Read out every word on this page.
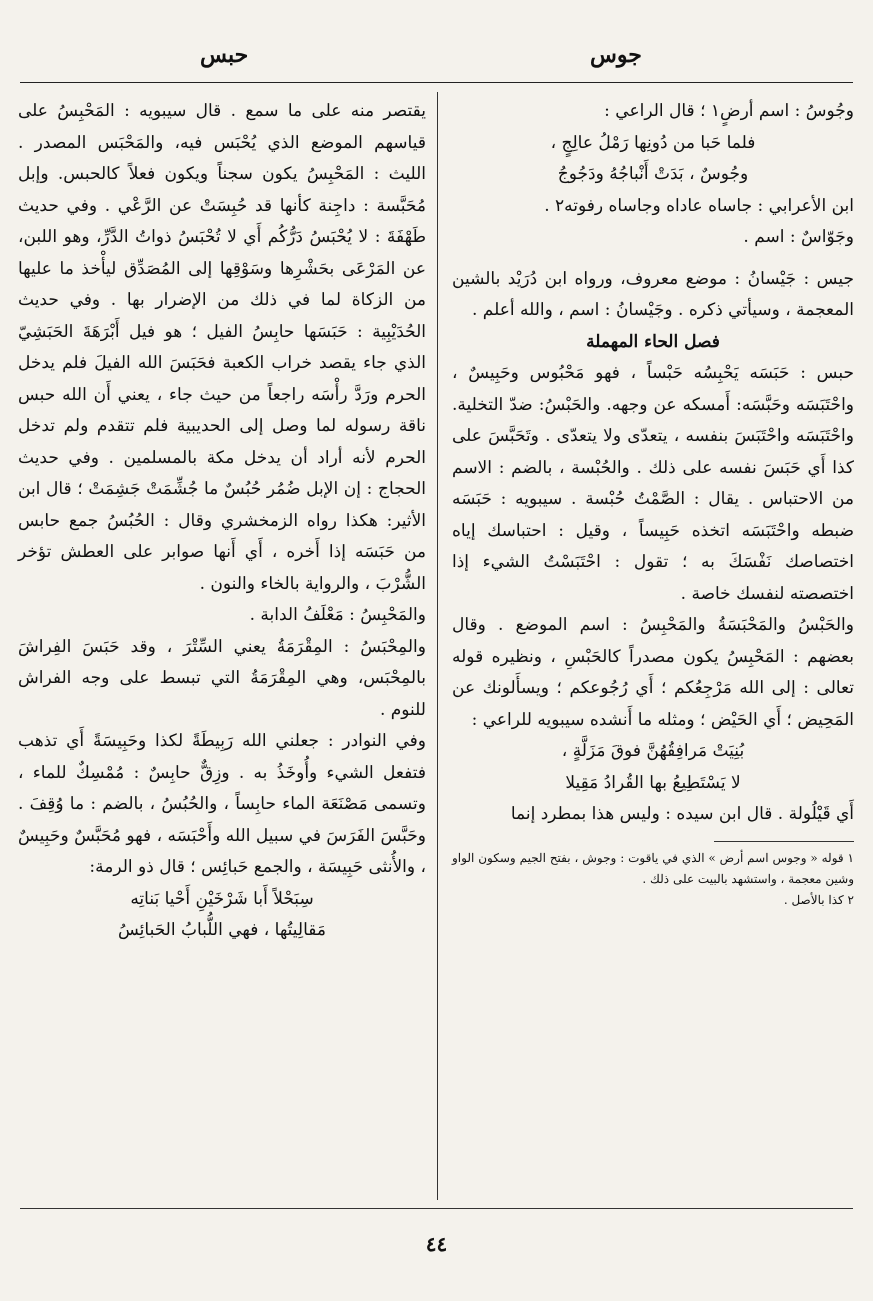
جوس
حبس

وجُوسُ : اسم أرضٍ١ ؛ قال الراعي :

فلما حَبا من دُونِها رَمْلُ عالِجٍ ،

وجُوسٌ ، بَدَتْ أَنْباجُهُ ودَجُوجُ

ابن الأعرابي : جاساه عاداه وجاساه رفوته٢ .

وجَوّاسٌ : اسم .

جيس : جَيْسانُ : موضع معروف، ورواه ابن دُرَيْد بالشين المعجمة ، وسيأتي ذكره . وجَيْسانُ : اسم ، والله أعلم .

فصل الحاء المهملة

حبس : حَبَسَه يَحْبِسُه حَبْساً ، فهو مَحْبُوس وحَبِيسٌ ، واحْتَبَسَه وحَبَّسَه: أَمسكه عن وجهه. والحَبْسُ: ضدّ التخلية. واحْتَبَسَه واحْتَبَسَ بنفسه ، يتعدّى ولا يتعدّى . وتَحَبَّسَ على كذا أَي حَبَسَ نفسه على ذلك . والحُبْسة ، بالضم : الاسم من الاحتباس . يقال : الصَّمْتُ حُبْسة . سيبويه : حَبَسَه ضبطه واحْتَبَسَه اتخذه حَبِيساً ، وقيل : احتباسك إياه اختصاصك نَفْسَكَ به ؛ تقول : احْتَبَسْتُ الشيء إذا اختصصته لنفسك خاصة .

والحَبْسُ والمَحْبَسَةُ والمَحْبِسُ : اسم الموضع . وقال بعضهم : المَحْبِسُ يكون مصدراً كالحَبْسِ ، ونظيره قوله تعالى : إلى الله مَرْجِعُكم ؛ أَي رُجُوعكم ؛ ويسأَلونك عن المَحِيض ؛ أَي الحَيْض ؛ ومثله ما أَنشده سيبويه للراعي :

بُنِيَتْ مَرافِقُهُنَّ فوقَ مَزَلَّةٍ ،

لا يَسْتَطِيعُ بها القُرادُ مَقِيلا

أَي قَيْلُولة . قال ابن سيده : وليس هذا بمطرد إنما

١ قوله « وجوس اسم أرض » الذي في ياقوت : وجوش ، بفتح الجيم وسكون الواو وشين معجمة ، واستشهد بالبيت على ذلك .

٢ كذا بالأصل .

يقتصر منه على ما سمع . قال سيبويه : المَحْبِسُ على قياسهم الموضع الذي يُحْبَس فيه، والمَحْبَس المصدر . الليث : المَحْبِسُ يكون سجناً ويكون فعلاً كالحبس. وإبل مُحَبَّسة : داجِنة كأنها قد حُبِسَتْ عن الرَّعْي . وفي حديث طَهْفَةَ : لا يُحْبَسُ دَرُّكُم أَي لا تُحْبَسُ ذواتُ الدَّرِّ، وهو اللبن، عن المَرْعَى بحَشْرِها وسَوْقِها إلى المُصَدِّق ليأْخذ ما عليها من الزكاة لما في ذلك من الإضرار بها . وفي حديث الحُدَيْبِية : حَبَسَها حابِسُ الفيل ؛ هو فيل أَبْرَهَةَ الحَبَشِيّ الذي جاء يقصد خراب الكعبة فحَبَسَ الله الفيلَ فلم يدخل الحرم ورَدَّ رأْسَه راجعاً من حيث جاء ، يعني أَن الله حبس ناقة رسوله لما وصل إلى الحديبية فلم تتقدم ولم تدخل الحرم لأنه أراد أن يدخل مكة بالمسلمين . وفي حديث الحجاج : إن الإبل ضُمُر حُبُسٌ ما جُشِّمَتْ جَشِمَتْ ؛ قال ابن الأثير: هكذا رواه الزمخشري وقال : الحُبُسُ جمع حابس من حَبَسَه إذا أَخره ، أَي أَنها صوابر على العطش تؤخر الشُّرْبَ ، والرواية بالخاء والنون .

والمَحْبِسُ : مَعْلَفُ الدابة .

والمِحْبَسُ : المِقْرَمَةُ يعني السِّتْرَ ، وقد حَبَسَ الفِراشَ بالمِحْبَس، وهي المِقْرَمَةُ التي تبسط على وجه الفراش للنوم .

وفي النوادر : جعلني الله رَبِيطَةً لكذا وحَبِيسَةً أَي تذهب فتفعل الشيء وأُوخَذُ به . وزِقٌّ حابِسٌ : مُمْسِكٌ للماء ، وتسمى مَصْنَعَة الماء حابِساً ، والحُبُسُ ، بالضم : ما وُقِفَ . وحَبَّسَ الفَرَسَ في سبيل الله وأَحْبَسَه ، فهو مُحَبَّسٌ وحَبِيسٌ ، والأُنثى حَبِيسَة ، والجمع حَبائِس ؛ قال ذو الرمة:

سِبَحْلاً أَبا شَرْخَيْنِ أَحْيا بَناتِه

مَقالِيتُها ، فهي اللُّبابُ الحَبائِسُ

٤٤
